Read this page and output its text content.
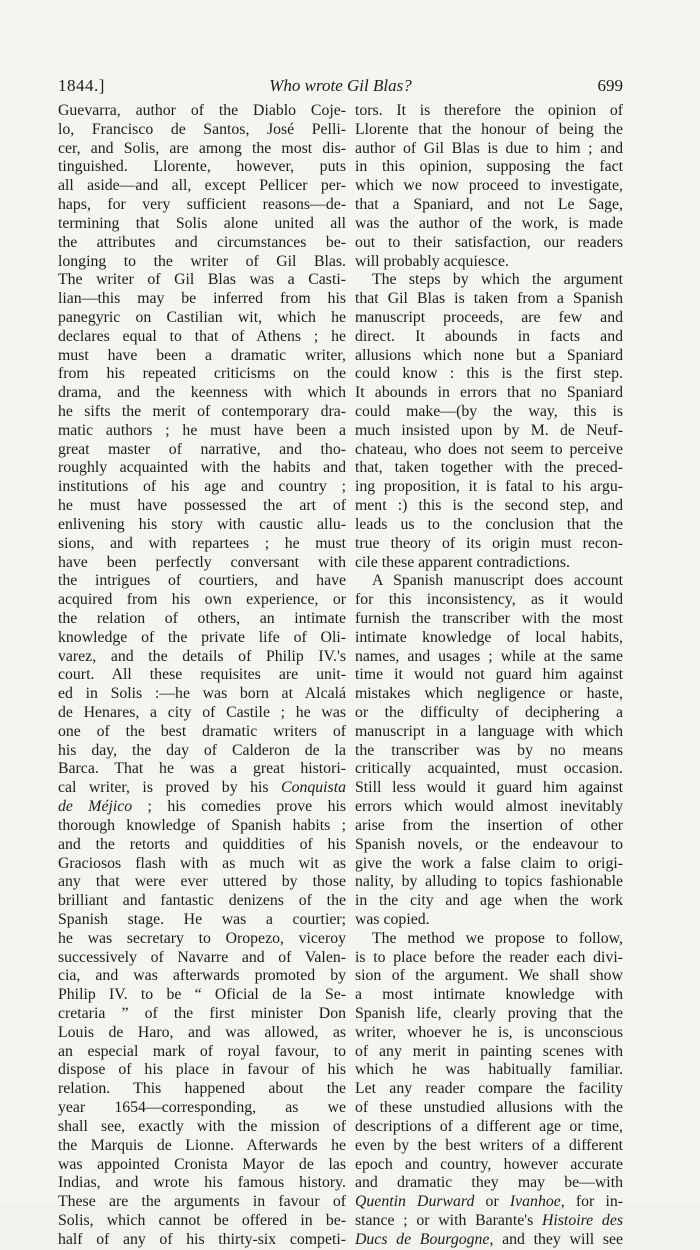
1844.]	Who wrote Gil Blas?	699
Guevarra, author of the Diablo Coje-
lo, Francisco de Santos, José Pelli-
cer, and Solis, are among the most dis-
tinguished. Llorente, however, puts
all aside—and all, except Pellicer per-
haps, for very sufficient reasons—de-
termining that Solis alone united all
the attributes and circumstances be-
longing to the writer of Gil Blas.
The writer of Gil Blas was a Casti-
lian—this may be inferred from his
panegyric on Castilian wit, which he
declares equal to that of Athens ; he
must have been a dramatic writer,
from his repeated criticisms on the
drama, and the keenness with which
he sifts the merit of contemporary dra-
matic authors ; he must have been a
great master of narrative, and tho-
roughly acquainted with the habits and
institutions of his age and country ;
he must have possessed the art of
enlivening his story with caustic allu-
sions, and with repartees ; he must
have been perfectly conversant with
the intrigues of courtiers, and have
acquired from his own experience, or
the relation of others, an intimate
knowledge of the private life of Oli-
varez, and the details of Philip IV.'s
court. All these requisites are unit-
ed in Solis :—he was born at Alcalá
de Henares, a city of Castile ; he was
one of the best dramatic writers of
his day, the day of Calderon de la
Barca. That he was a great histori-
cal writer, is proved by his Conquista
de Méjico ; his comedies prove his
thorough knowledge of Spanish habits ;
and the retorts and quiddities of his
Graciosos flash with as much wit as
any that were ever uttered by those
brilliant and fantastic denizens of the
Spanish stage. He was a courtier;
he was secretary to Oropezo, viceroy
successively of Navarre and of Valen-
cia, and was afterwards promoted by
Philip IV. to be “ Oficial de la Se-
cretaria ” of the first minister Don
Louis de Haro, and was allowed, as
an especial mark of royal favour, to
dispose of his place in favour of his
relation. This happened about the
year 1654—corresponding, as we
shall see, exactly with the mission of
the Marquis de Lionne. Afterwards he
was appointed Cronista Mayor de las
Indias, and wrote his famous history.
These are the arguments in favour of
Solis, which cannot be offered in be-
half of any of his thirty-six competi-
tors. It is therefore the opinion of
Llorente that the honour of being the
author of Gil Blas is due to him ; and
in this opinion, supposing the fact
which we now proceed to investigate,
that a Spaniard, and not Le Sage,
was the author of the work, is made
out to their satisfaction, our readers
will probably acquiesce.
The steps by which the argument
that Gil Blas is taken from a Spanish
manuscript proceeds, are few and
direct. It abounds in facts and
allusions which none but a Spaniard
could know : this is the first step.
It abounds in errors that no Spaniard
could make—(by the way, this is
much insisted upon by M. de Neuf-
chateau, who does not seem to perceive
that, taken together with the preced-
ing proposition, it is fatal to his argu-
ment :) this is the second step, and
leads us to the conclusion that the
true theory of its origin must recon-
cile these apparent contradictions.
A Spanish manuscript does account
for this inconsistency, as it would
furnish the transcriber with the most
intimate knowledge of local habits,
names, and usages ; while at the same
time it would not guard him against
mistakes which negligence or haste,
or the difficulty of deciphering a
manuscript in a language with which
the transcriber was by no means
critically acquainted, must occasion.
Still less would it guard him against
errors which would almost inevitably
arise from the insertion of other
Spanish novels, or the endeavour to
give the work a false claim to origi-
nality, by alluding to topics fashionable
in the city and age when the work
was copied.
The method we propose to follow,
is to place before the reader each divi-
sion of the argument. We shall show
a most intimate knowledge with
Spanish life, clearly proving that the
writer, whoever he is, is unconscious
of any merit in painting scenes with
which he was habitually familiar.
Let any reader compare the facility
of these unstudied allusions with the
descriptions of a different age or time,
even by the best writers of a different
epoch and country, however accurate
and dramatic they may be—with
Quentin Durward or Ivanhoe, for in-
stance ; or with Barante's Histoire des
Ducs de Bourgogne, and they will see
